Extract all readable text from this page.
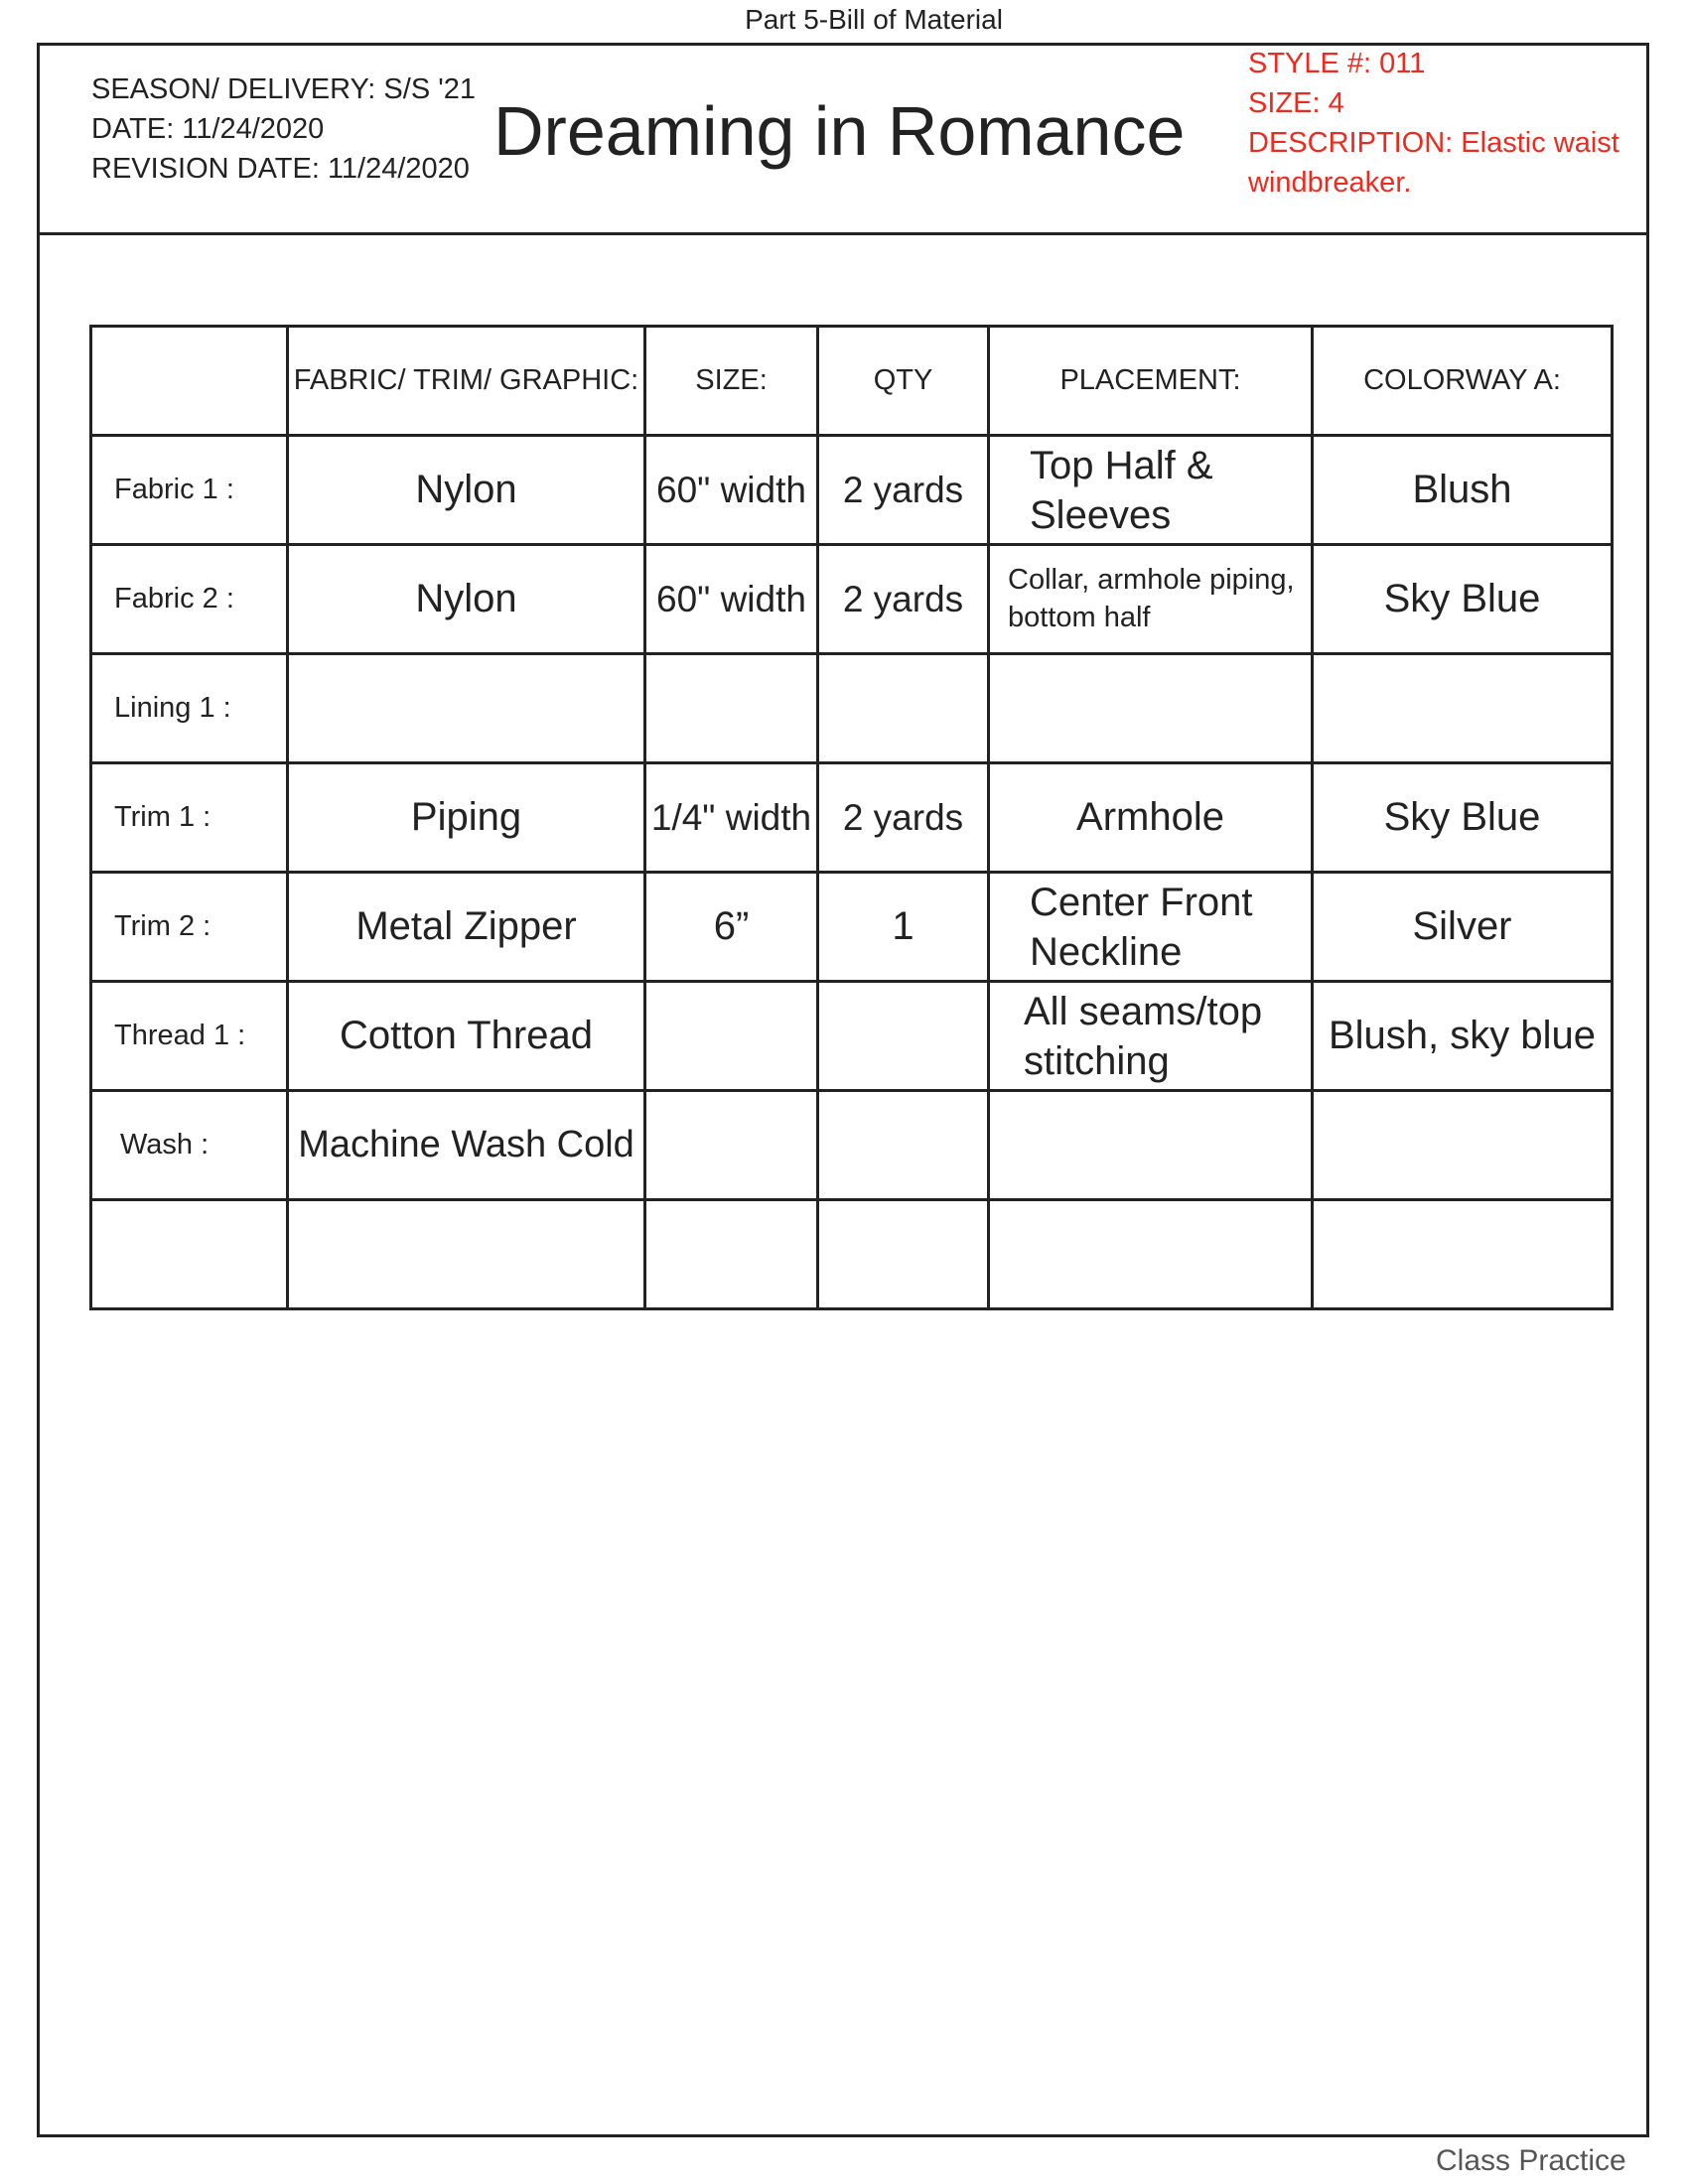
Part 5-Bill of Material
SEASON/ DELIVERY: S/S '21
DATE: 11/24/2020
REVISION DATE: 11/24/2020 Dreaming in Romance
STYLE #: 011
SIZE: 4
DESCRIPTION: Elastic waist
windbreaker.
	FABRIC/ TRIM/ GRAPHIC:	SIZE:	QTY	PLACEMENT:	COLORWAY A:
Fabric 1 :	Nylon	60" width	2 yards	Top Half & Sleeves	Blush
Fabric 2 :	Nylon	60" width	2 yards	Collar, armhole piping, bottom half	Sky Blue
Lining 1 :					
Trim 1 :	Piping	1/4" width	2 yards	Armhole	Sky Blue
Trim 2 :	Metal Zipper	6”	1	Center Front Neckline	Silver
Thread 1 :	Cotton Thread			All seams/top stitching	Blush, sky blue
Wash :	Machine Wash Cold				

Class Practice
